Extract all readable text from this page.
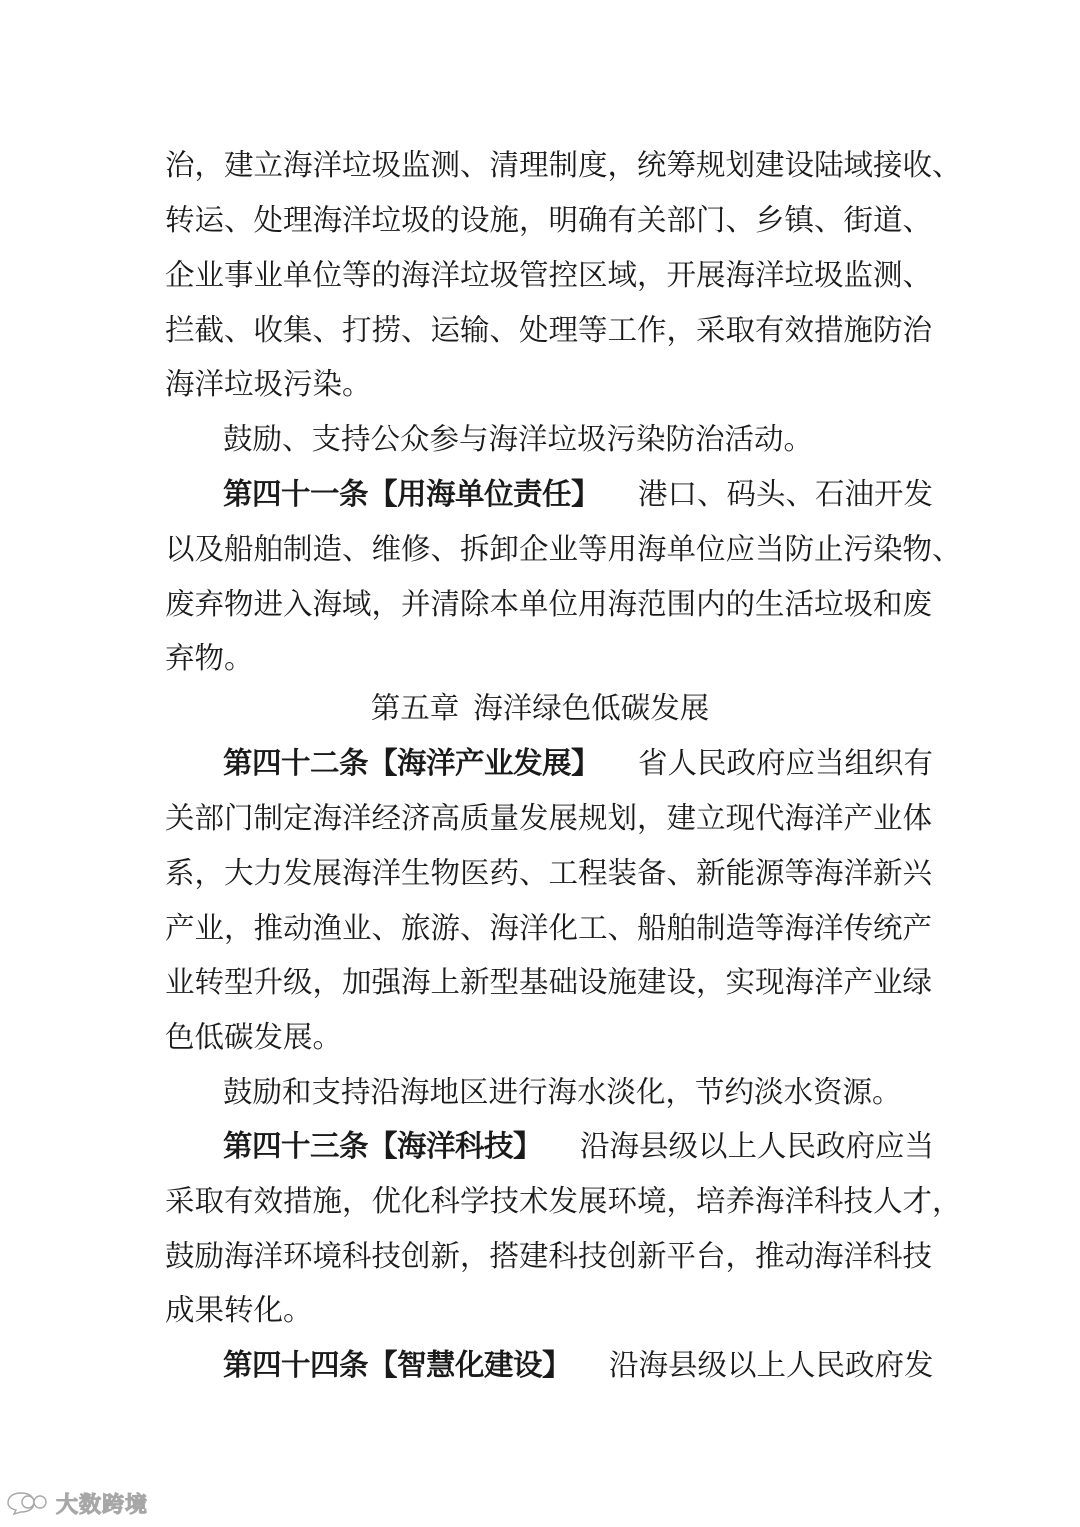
治，建立海洋垃圾监测、清理制度，统筹规划建设陆域接收、
转运、处理海洋垃圾的设施，明确有关部门、乡镇、街道、
企业事业单位等的海洋垃圾管控区域，开展海洋垃圾监测、
拦截、收集、打捞、运输、处理等工作，采取有效措施防治
海洋垃圾污染。
鼓励、支持公众参与海洋垃圾污染防治活动。
第四十一条【用海单位责任】 港口、码头、石油开发
以及船舶制造、维修、拆卸企业等用海单位应当防止污染物、
废弃物进入海域，并清除本单位用海范围内的生活垃圾和废
弃物。
第五章 海洋绿色低碳发展
第四十二条【海洋产业发展】 省人民政府应当组织有
关部门制定海洋经济高质量发展规划，建立现代海洋产业体
系，大力发展海洋生物医药、工程装备、新能源等海洋新兴
产业，推动渔业、旅游、海洋化工、船舶制造等海洋传统产
业转型升级，加强海上新型基础设施建设，实现海洋产业绿
色低碳发展。
鼓励和支持沿海地区进行海水淡化，节约淡水资源。
第四十三条【海洋科技】 沿海县级以上人民政府应当
采取有效措施，优化科学技术发展环境，培养海洋科技人才，
鼓励海洋环境科技创新，搭建科技创新平台，推动海洋科技
成果转化。
第四十四条【智慧化建设】 沿海县级以上人民政府发
大数跨境
